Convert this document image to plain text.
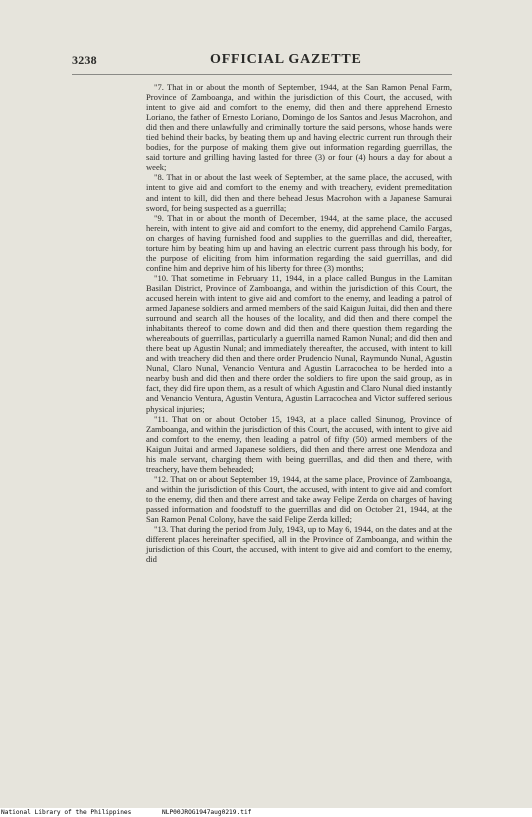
3238	OFFICIAL GAZETTE

"7. That in or about the month of September, 1944, at the San Ramon Penal Farm, Province of Zamboanga, and within the jurisdiction of this Court, the accused, with intent to give aid and comfort to the enemy, did then and there apprehend Ernesto Loriano, the father of Ernesto Loriano, Domingo de los Santos and Jesus Macrohon, and did then and there unlawfully and criminally torture the said persons, whose hands were tied behind their backs, by beating them up and having electric current run through their bodies, for the purpose of making them give out information regarding guerrillas, the said torture and grilling having lasted for three (3) or four (4) hours a day for about a week;

"8. That in or about the last week of September, at the same place, the accused, with intent to give aid and comfort to the enemy and with treachery, evident premeditation and intent to kill, did then and there behead Jesus Macrohon with a Japanese Samurai sword, for being suspected as a guerrilla;

"9. That in or about the month of December, 1944, at the same place, the accused herein, with intent to give aid and comfort to the enemy, did apprehend Camilo Fargas, on charges of having furnished food and supplies to the guerrillas and did, thereafter, torture him by beating him up and having an electric current pass through his body, for the purpose of eliciting from him information regarding the said guerrillas, and did confine him and deprive him of his liberty for three (3) months;

"10. That sometime in February 11, 1944, in a place called Bungus in the Lamitan Basilan District, Province of Zamboanga, and within the jurisdiction of this Court, the accused herein with intent to give aid and comfort to the enemy, and leading a patrol of armed Japanese soldiers and armed members of the said Kaigun Juitai, did then and there surround and search all the houses of the locality, and did then and there compel the inhabitants thereof to come down and did then and there question them regarding the whereabouts of guerrillas, particularly a guerrilla named Ramon Nunal; and did then and there beat up Agustin Nunal; and immediately thereafter, the accused, with intent to kill and with treachery did then and there order Prudencio Nunal, Raymundo Nunal, Agustin Nunal, Claro Nunal, Venancio Ventura and Agustin Larracochea to be herded into a nearby bush and did then and there order the soldiers to fire upon the said group, as in fact, they did fire upon them, as a result of which Agustin and Claro Nunal died instantly and Venancio Ventura, Agustin Ventura, Agustin Larracochea and Victor suffered serious physical injuries;

"11. That on or about October 15, 1943, at a place called Sinunog, Province of Zamboanga, and within the jurisdiction of this Court, the accused, with intent to give aid and comfort to the enemy, then leading a patrol of fifty (50) armed members of the Kaigun Juitai and armed Japanese soldiers, did then and there arrest one Mendoza and his male servant, charging them with being guerrillas, and did then and there, with treachery, have them beheaded;

"12. That on or about September 19, 1944, at the same place, Province of Zamboanga, and within the jurisdiction of this Court, the accused, with intent to give aid and comfort to the enemy, did then and there arrest and take away Felipe Zerda on charges of having passed information and foodstuff to the guerrillas and did on October 21, 1944, at the San Ramon Penal Colony, have the said Felipe Zerda killed;

"13. That during the period from July, 1943, up to May 6, 1944, on the dates and at the different places hereinafter specified, all in the Province of Zamboanga, and within the jurisdiction of this Court, the accused, with intent to give aid and comfort to the enemy, did

National Library of the Philippines	NLP00JROG1947aug0219.tif
